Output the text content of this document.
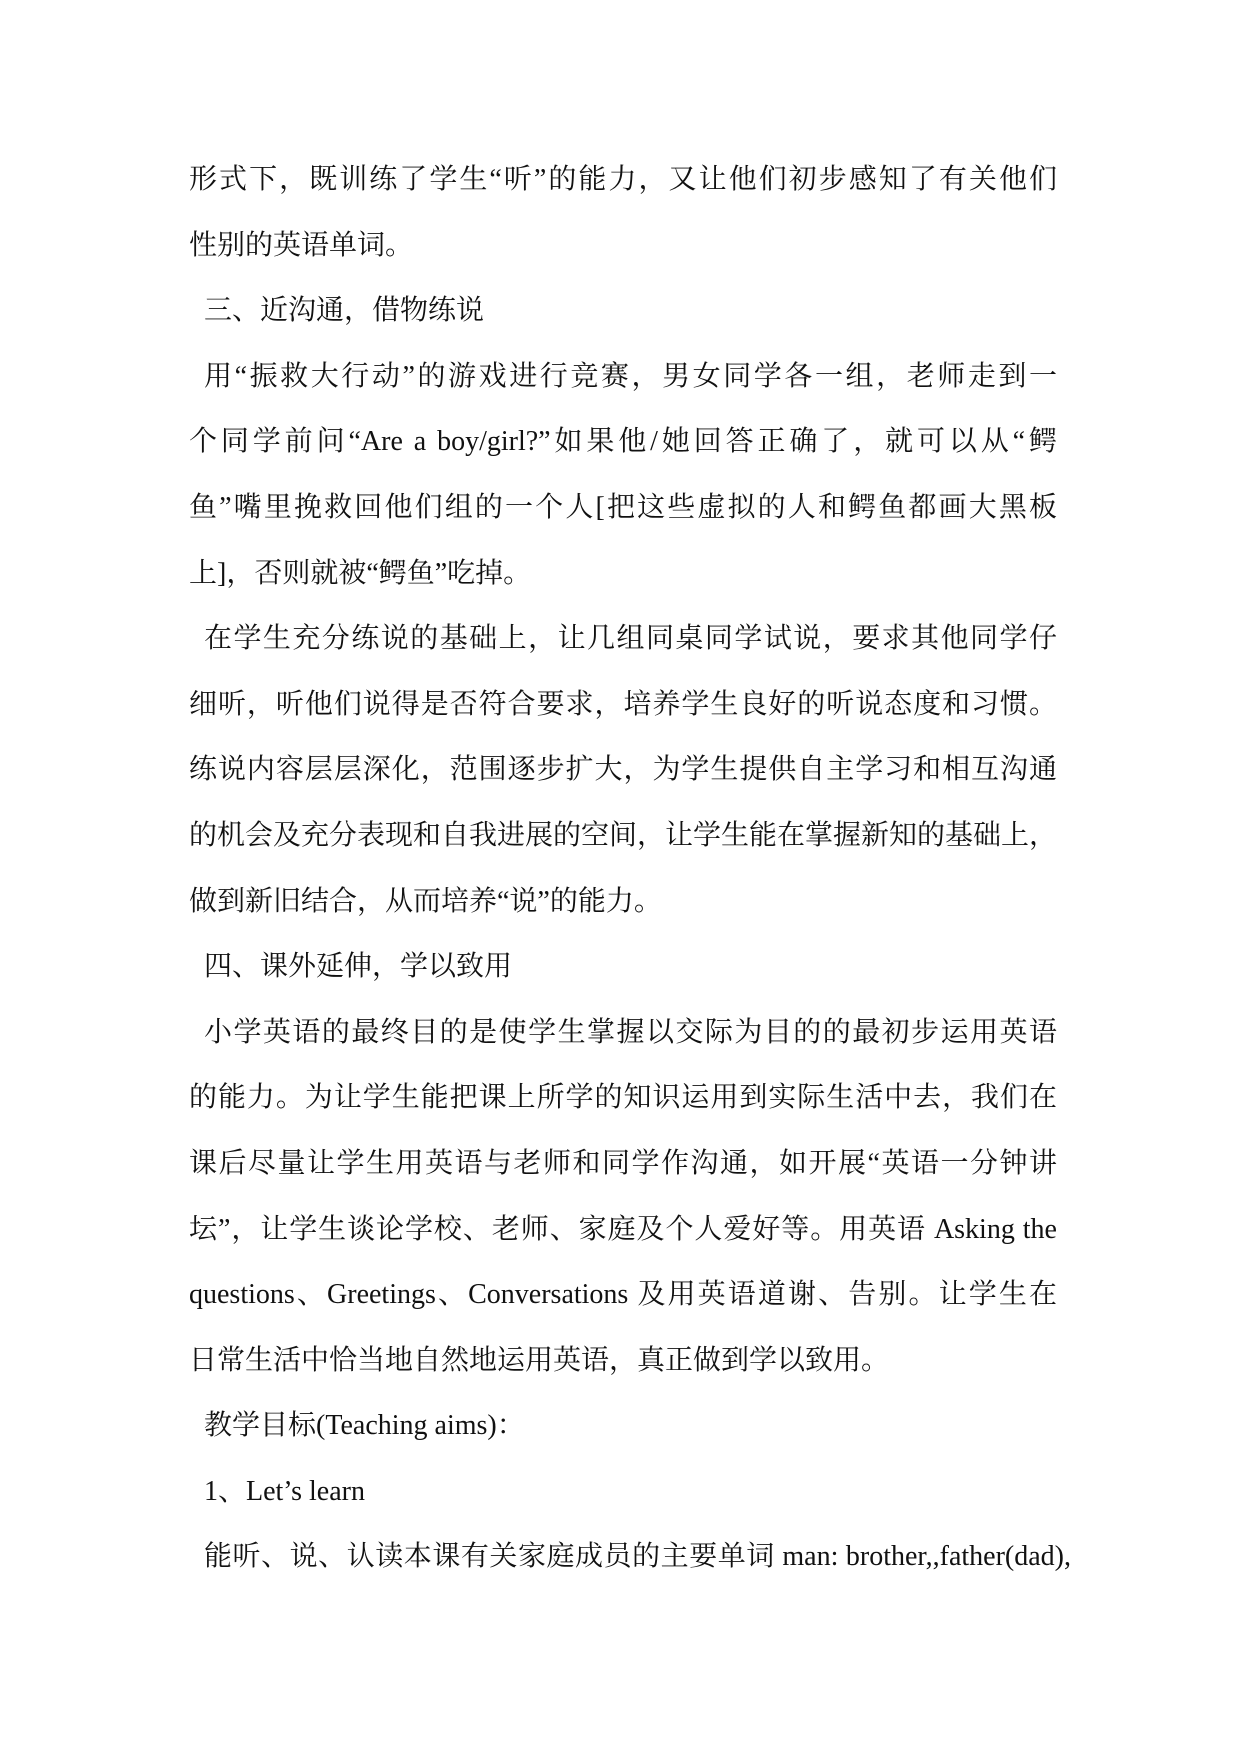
形式下，既训练了学生“听”的能力，又让他们初步感知了有关他们
性别的英语单词。
三、近沟通，借物练说
用“振救大行动”的游戏进行竞赛，男女同学各一组，老师走到一
个同学前问“Are a boy/girl?”如果他/她回答正确了，就可以从“鳄
鱼”嘴里挽救回他们组的一个人[把这些虚拟的人和鳄鱼都画大黑板
上]，否则就被“鳄鱼”吃掉。
在学生充分练说的基础上，让几组同桌同学试说，要求其他同学仔
细听，听他们说得是否符合要求，培养学生良好的听说态度和习惯。
练说内容层层深化，范围逐步扩大，为学生提供自主学习和相互沟通
的机会及充分表现和自我进展的空间，让学生能在掌握新知的基础上，
做到新旧结合，从而培养“说”的能力。
四、课外延伸，学以致用
小学英语的最终目的是使学生掌握以交际为目的的最初步运用英语
的能力。为让学生能把课上所学的知识运用到实际生活中去，我们在
课后尽量让学生用英语与老师和同学作沟通，如开展“英语一分钟讲
坛”，让学生谈论学校、老师、家庭及个人爱好等。用英语 Asking the
questions、Greetings、Conversations 及用英语道谢、告别。让学生在
日常生活中恰当地自然地运用英语，真正做到学以致用。
教学目标(Teaching aims)：
1、Let’s learn
能听、说、认读本课有关家庭成员的主要单词 man: brother,,father(dad),
